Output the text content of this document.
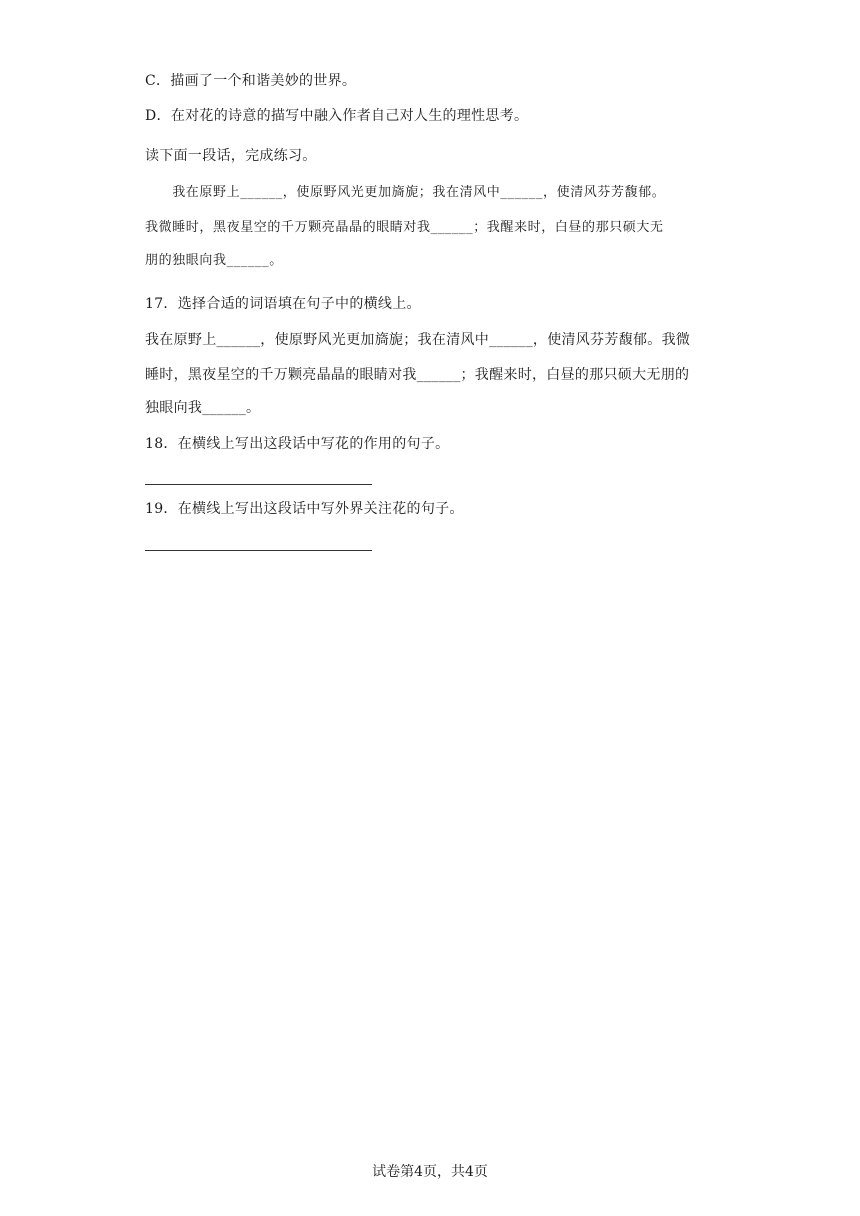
C．描画了一个和谐美妙的世界。
D．在对花的诗意的描写中融入作者自己对人生的理性思考。
读下面一段话，完成练习。
　　我在原野上______，使原野风光更加旖旎；我在清风中______，使清风芬芳馥郁。
我微睡时，黑夜星空的千万颗亮晶晶的眼睛对我______；我醒来时，白昼的那只硕大无
朋的独眼向我______。
17．选择合适的词语填在句子中的横线上。
我在原野上______，使原野风光更加旖旎；我在清风中______，使清风芬芳馥郁。我微
睡时，黑夜星空的千万颗亮晶晶的眼睛对我______；我醒来时，白昼的那只硕大无朋的
独眼向我______。
18．在横线上写出这段话中写花的作用的句子。
19．在横线上写出这段话中写外界关注花的句子。
试卷第4页，共4页
